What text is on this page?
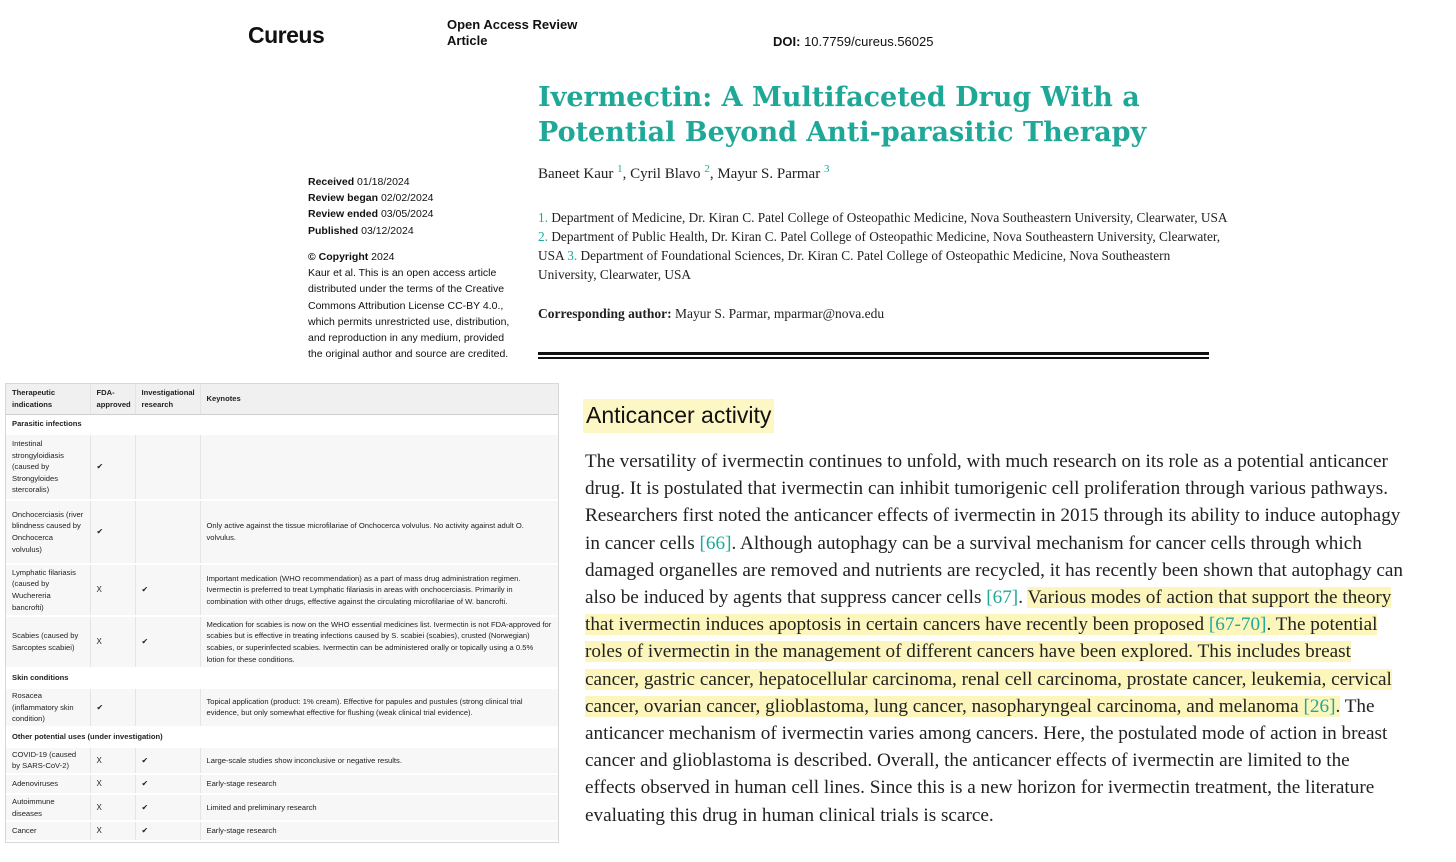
Cureus	Open Access Review Article	DOI: 10.7759/cureus.56025
Ivermectin: A Multifaceted Drug With a Potential Beyond Anti-parasitic Therapy
Baneet Kaur $^1$, Cyril Blavo $^2$, Mayur S. Parmar $^3$
1. Department of Medicine, Dr. Kiran C. Patel College of Osteopathic Medicine, Nova Southeastern University, Clearwater, USA 2. Department of Public Health, Dr. Kiran C. Patel College of Osteopathic Medicine, Nova Southeastern University, Clearwater, USA 3. Department of Foundational Sciences, Dr. Kiran C. Patel College of Osteopathic Medicine, Nova Southeastern University, Clearwater, USA
Corresponding author: Mayur S. Parmar, mparmar@nova.edu
Received 01/18/2024
Review began 02/02/2024
Review ended 03/05/2024
Published 03/12/2024
© Copyright 2024
Kaur et al. This is an open access article distributed under the terms of the Creative Commons Attribution License CC-BY 4.0., which permits unrestricted use, distribution, and reproduction in any medium, provided the original author and source are credited.
Therapeutic indications	FDA-approved	Investigational research	Keynotes
Parasitic infections			
Intestinal strongyloidiasis (caused by Strongyloides stercoralis)	✔		
Onchocerciasis (river blindness caused by Onchocerca volvulus)	✔		Only active against the tissue microfilariae of Onchocerca volvulus. No activity against adult O. volvulus.
Lymphatic filariasis (caused by Wuchereria bancrofti)	X	✔	Important medication (WHO recommendation) as a part of mass drug administration regimen. Ivermectin is preferred to treat Lymphatic filariasis in areas with onchocerciasis. Primarily in combination with other drugs, effective against the circulating microfilariae of W. bancrofti.
Scabies (caused by Sarcoptes scabiei)	X	✔	Medication for scabies is now on the WHO essential medicines list. Ivermectin is not FDA-approved for scabies but is effective in treating infections caused by S. scabiei (scabies), crusted (Norwegian) scabies, or superinfected scabies. Ivermectin can be administered orally or topically using a 0.5% lotion for these conditions.
Skin conditions			
Rosacea (inflammatory skin condition)	✔		Topical application (product: 1% cream). Effective for papules and pustules (strong clinical trial evidence, but only somewhat effective for flushing (weak clinical trial evidence).
Other potential uses (under investigation)			
COVID-19 (caused by SARS-CoV-2)	X	✔	Large-scale studies show inconclusive or negative results.
Adenoviruses	X	✔	Early-stage research
Autoimmune diseases	X	✔	Limited and preliminary research
Cancer	X	✔	Early-stage research
Anticancer activity
The versatility of ivermectin continues to unfold, with much research on its role as a potential anticancer drug. It is postulated that ivermectin can inhibit tumorigenic cell proliferation through various pathways. Researchers first noted the anticancer effects of ivermectin in 2015 through its ability to induce autophagy in cancer cells [66]. Although autophagy can be a survival mechanism for cancer cells through which damaged organelles are removed and nutrients are recycled, it has recently been shown that autophagy can also be induced by agents that suppress cancer cells [67]. Various modes of action that support the theory that ivermectin induces apoptosis in certain cancers have recently been proposed [67-70]. The potential roles of ivermectin in the management of different cancers have been explored. This includes breast cancer, gastric cancer, hepatocellular carcinoma, renal cell carcinoma, prostate cancer, leukemia, cervical cancer, ovarian cancer, glioblastoma, lung cancer, nasopharyngeal carcinoma, and melanoma [26]. The anticancer mechanism of ivermectin varies among cancers. Here, the postulated mode of action in breast cancer and glioblastoma is described. Overall, the anticancer effects of ivermectin are limited to the effects observed in human cell lines. Since this is a new horizon for ivermectin treatment, the literature evaluating this drug in human clinical trials is scarce.
